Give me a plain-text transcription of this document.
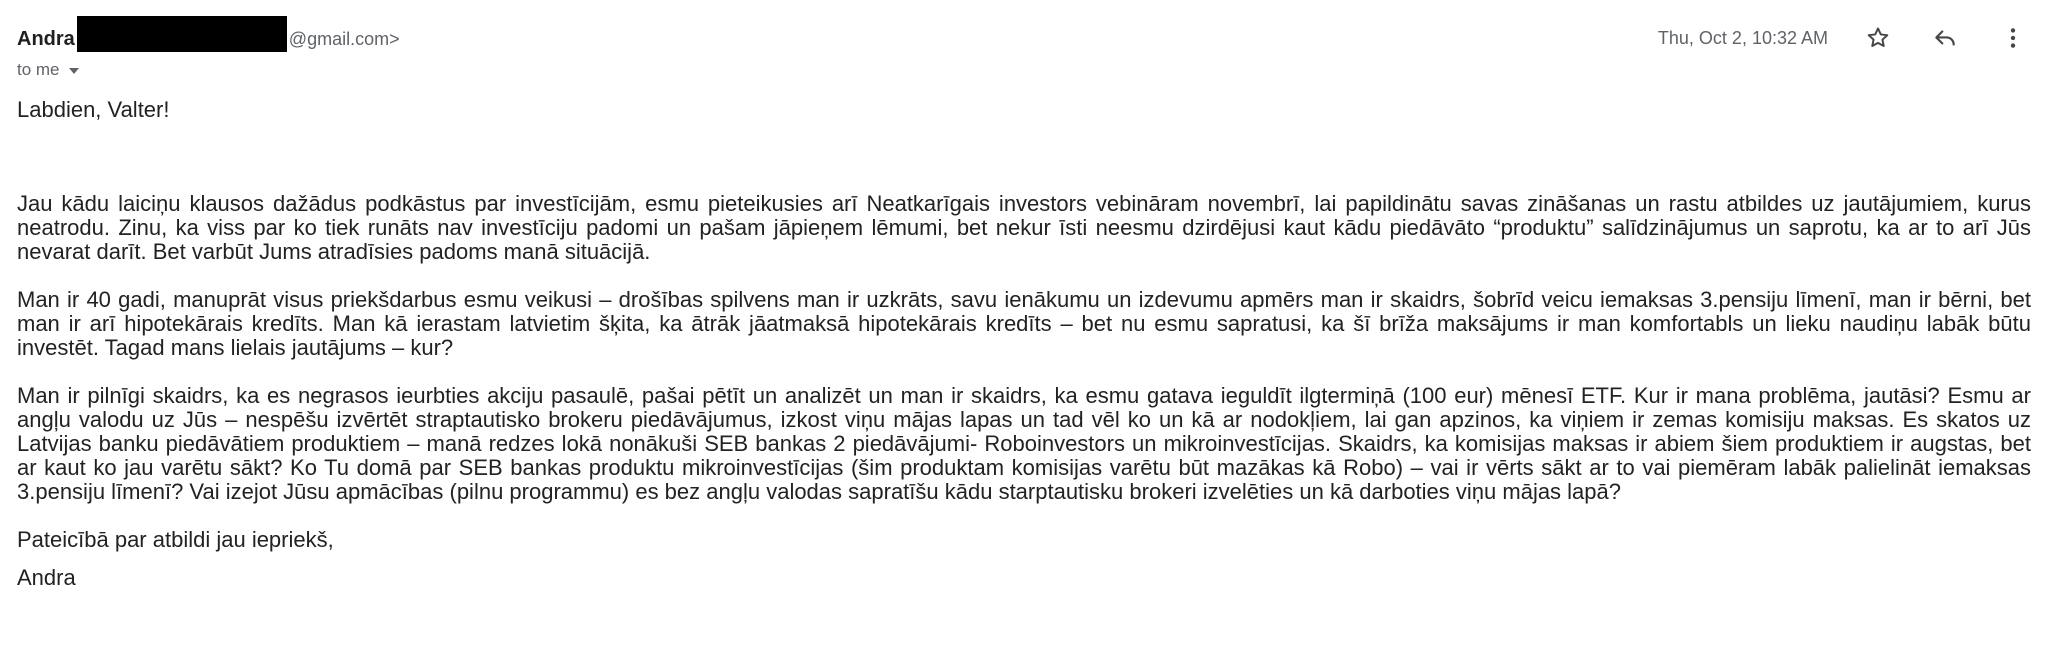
Andra	@gmail.com>
to me
Thu, Oct 2, 10:32 AM

Labdien, Valter!

Jau kādu laiciņu klausos dažādus podkāstus par investīcijām, esmu pieteikusies arī Neatkarīgais investors vebināram novembrī, lai papildinātu savas zināšanas un rastu atbildes uz jautājumiem, kurus neatrodu. Zinu, ka viss par ko tiek runāts nav investīciju padomi un pašam jāpieņem lēmumi, bet nekur īsti neesmu dzirdējusi kaut kādu piedāvāto “produktu” salīdzinājumus un saprotu, ka ar to arī Jūs nevarat darīt. Bet varbūt Jums atradīsies padoms manā situācijā.

Man ir 40 gadi, manuprāt visus priekšdarbus esmu veikusi – drošības spilvens man ir uzkrāts, savu ienākumu un izdevumu apmērs man ir skaidrs, šobrīd veicu iemaksas 3.pensiju līmenī, man ir bērni, bet man ir arī hipotekārais kredīts. Man kā ierastam latvietim šķita, ka ātrāk jāatmaksā hipotekārais kredīts – bet nu esmu sapratusi, ka šī brīža maksājums ir man komfortabls un lieku naudiņu labāk būtu investēt. Tagad mans lielais jautājums – kur?

Man ir pilnīgi skaidrs, ka es negrasos ieurbties akciju pasaulē, pašai pētīt un analizēt un man ir skaidrs, ka esmu gatava ieguldīt ilgtermiņā (100 eur) mēnesī ETF. Kur ir mana problēma, jautāsi? Esmu ar angļu valodu uz Jūs – nespēšu izvērtēt straptautisko brokeru piedāvājumus, izkost viņu mājas lapas un tad vēl ko un kā ar nodokļiem, lai gan apzinos, ka viņiem ir zemas komisiju maksas. Es skatos uz Latvijas banku piedāvātiem produktiem – manā redzes lokā nonākuši SEB bankas 2 piedāvājumi- Roboinvestors un mikroinvestīcijas. Skaidrs, ka komisijas maksas ir abiem šiem produktiem ir augstas, bet ar kaut ko jau varētu sākt? Ko Tu domā par SEB bankas produktu mikroinvestīcijas (šim produktam komisijas varētu būt mazākas kā Robo) – vai ir vērts sākt ar to vai piemēram labāk palielināt iemaksas 3.pensiju līmenī? Vai izejot Jūsu apmācības (pilnu programmu) es bez angļu valodas sapratīšu kādu starptautisku brokeri izvelēties un kā darboties viņu mājas lapā?

Pateicībā par atbildi jau iepriekš,

Andra
